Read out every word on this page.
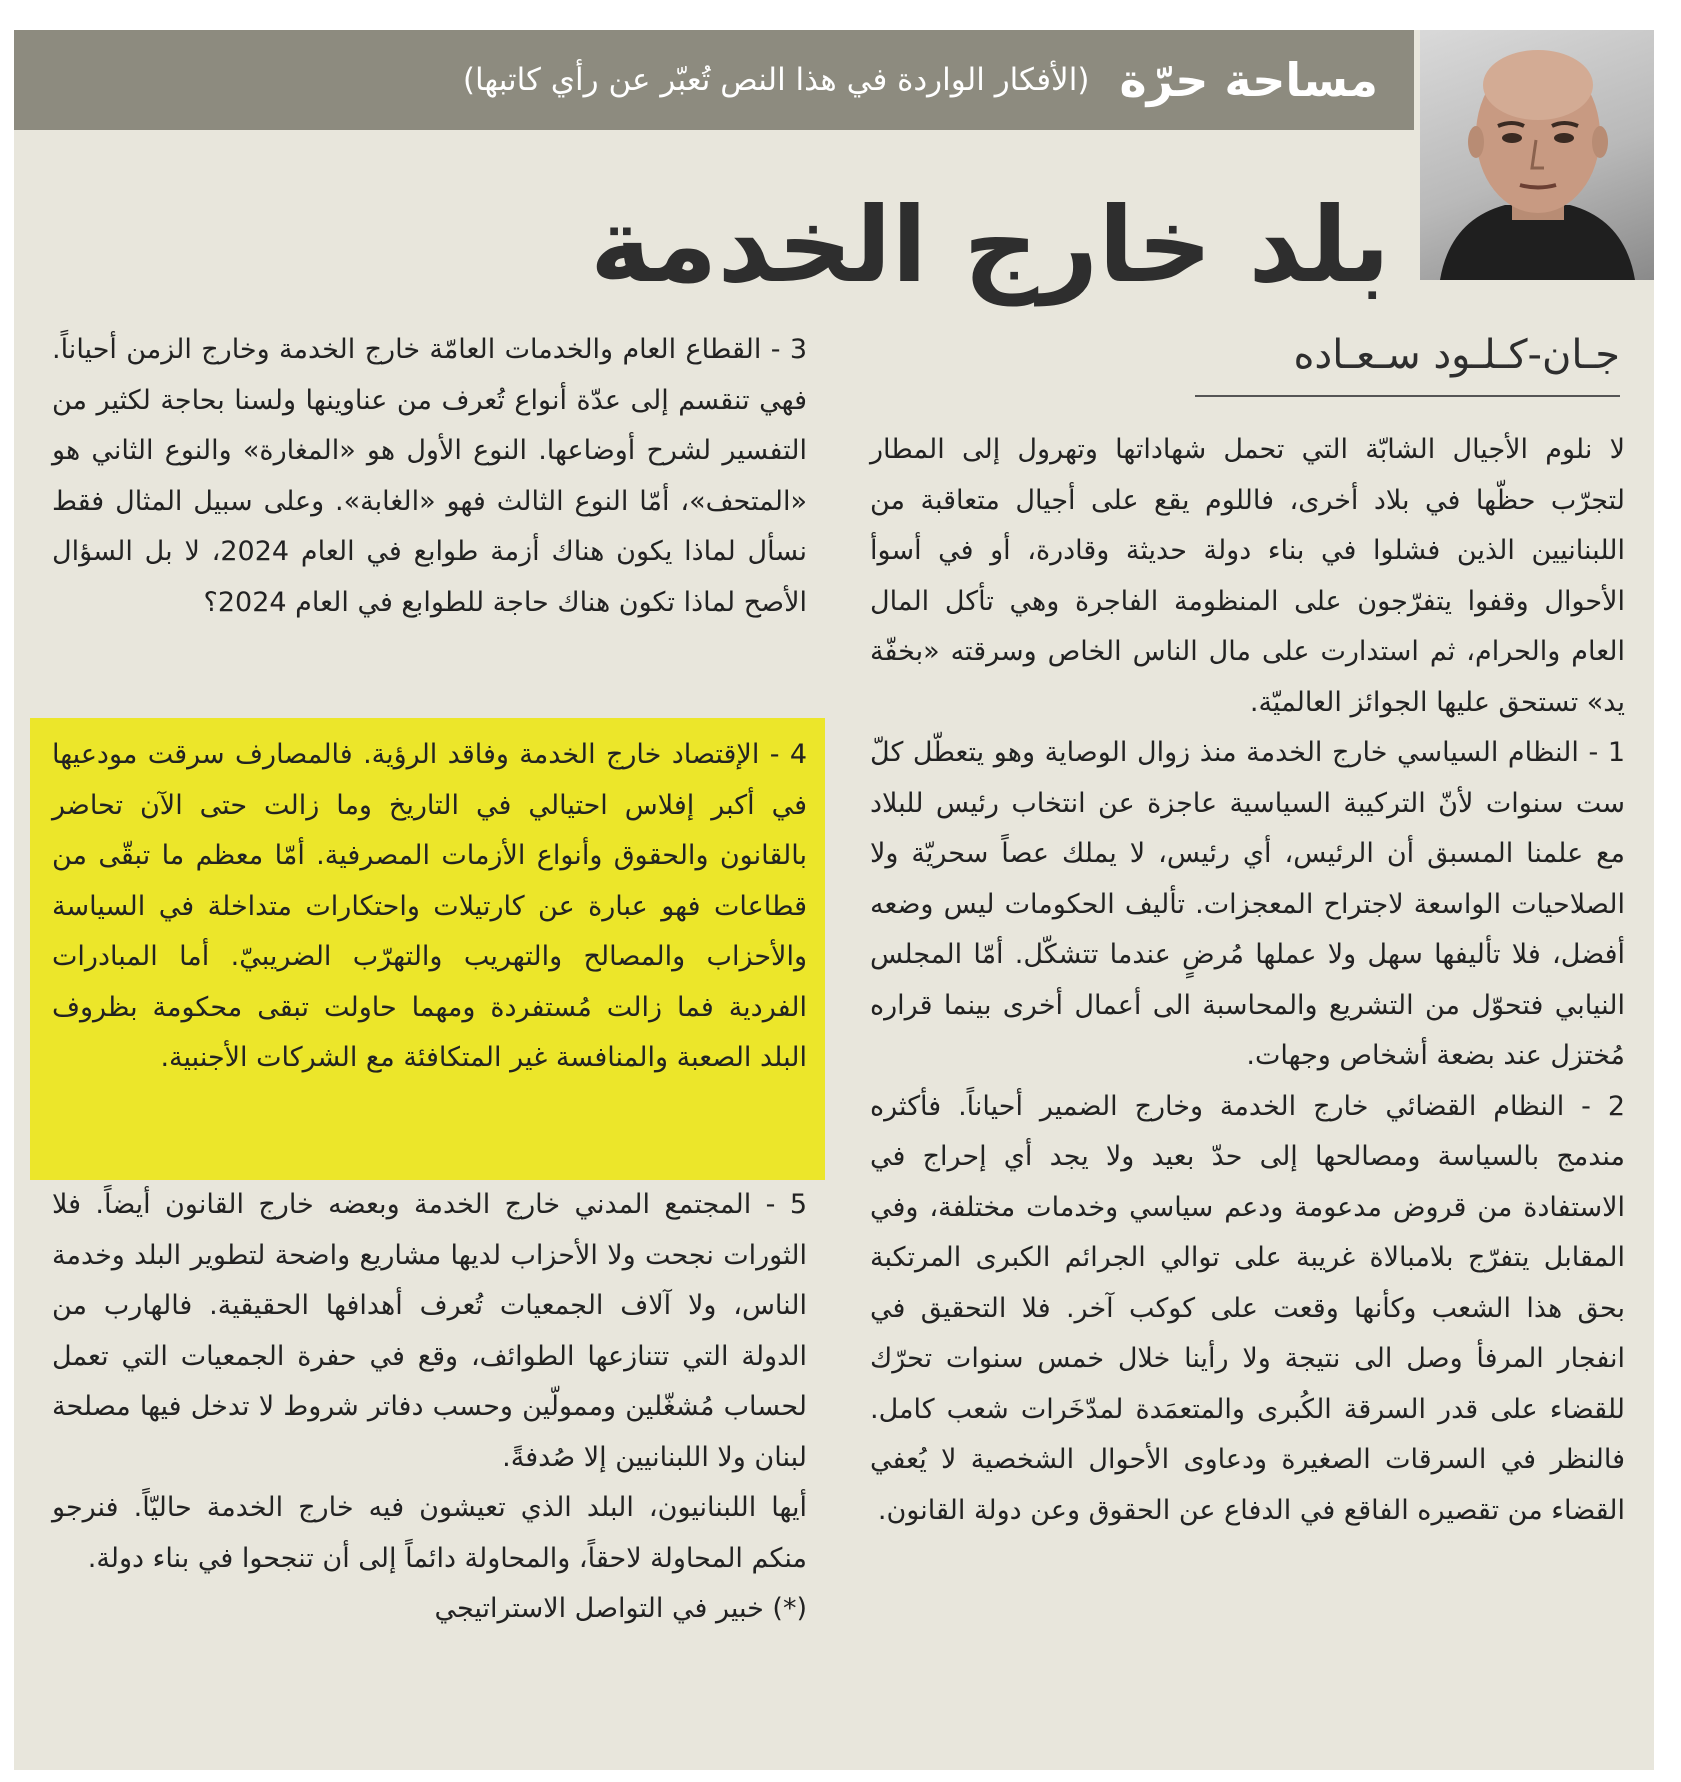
مساحة حرّة
(الأفكار الواردة في هذا النص تُعبّر عن رأي كاتبها)
بلد خارج الخدمة
جـان-كـلـود سـعـاده

لا نلوم الأجيال الشابّة التي تحمل شهاداتها وتهرول إلى المطار لتجرّب حظّها في بلاد أخرى، فاللوم يقع على أجيال متعاقبة من اللبنانيين الذين فشلوا في بناء دولة حديثة وقادرة، أو في أسوأ الأحوال وقفوا يتفرّجون على المنظومة الفاجرة وهي تأكل المال العام والحرام، ثم استدارت على مال الناس الخاص وسرقته «بخفّة يد» تستحق عليها الجوائز العالميّة.

1 - النظام السياسي خارج الخدمة منذ زوال الوصاية وهو يتعطّل كلّ ست سنوات لأنّ التركيبة السياسية عاجزة عن انتخاب رئيس للبلاد مع علمنا المسبق أن الرئيس، أي رئيس، لا يملك عصاً سحريّة ولا الصلاحيات الواسعة لاجتراح المعجزات. تأليف الحكومات ليس وضعه أفضل، فلا تأليفها سهل ولا عملها مُرضٍ عندما تتشكّل. أمّا المجلس النيابي فتحوّل من التشريع والمحاسبة الى أعمال أخرى بينما قراره مُختزل عند بضعة أشخاص وجهات.

2 - النظام القضائي خارج الخدمة وخارج الضمير أحياناً. فأكثره مندمج بالسياسة ومصالحها إلى حدّ بعيد ولا يجد أي إحراج في الاستفادة من قروض مدعومة ودعم سياسي وخدمات مختلفة، وفي المقابل يتفرّج بلامبالاة غريبة على توالي الجرائم الكبرى المرتكبة بحق هذا الشعب وكأنها وقعت على كوكب آخر. فلا التحقيق في انفجار المرفأ وصل الى نتيجة ولا رأينا خلال خمس سنوات تحرّك للقضاء على قدر السرقة الكُبرى والمتعمَدة لمدّخَرات شعب كامل. فالنظر في السرقات الصغيرة ودعاوى الأحوال الشخصية لا يُعفي القضاء من تقصيره الفاقع في الدفاع عن الحقوق وعن دولة القانون.

3 - القطاع العام والخدمات العامّة خارج الخدمة وخارج الزمن أحياناً. فهي تنقسم إلى عدّة أنواع تُعرف من عناوينها ولسنا بحاجة لكثير من التفسير لشرح أوضاعها. النوع الأول هو «المغارة» والنوع الثاني هو «المتحف»، أمّا النوع الثالث فهو «الغابة». وعلى سبيل المثال فقط نسأل لماذا يكون هناك أزمة طوابع في العام 2024، لا بل السؤال الأصح لماذا تكون هناك حاجة للطوابع في العام 2024؟

4 - الإقتصاد خارج الخدمة وفاقد الرؤية. فالمصارف سرقت مودعيها في أكبر إفلاس احتيالي في التاريخ وما زالت حتى الآن تحاضر بالقانون والحقوق وأنواع الأزمات المصرفية. أمّا معظم ما تبقّى من قطاعات فهو عبارة عن كارتيلات واحتكارات متداخلة في السياسة والأحزاب والمصالح والتهريب والتهرّب الضريبيّ. أما المبادرات الفردية فما زالت مُستفردة ومهما حاولت تبقى محكومة بظروف البلد الصعبة والمنافسة غير المتكافئة مع الشركات الأجنبية.

5 - المجتمع المدني خارج الخدمة وبعضه خارج القانون أيضاً. فلا الثورات نجحت ولا الأحزاب لديها مشاريع واضحة لتطوير البلد وخدمة الناس، ولا آلاف الجمعيات تُعرف أهدافها الحقيقية. فالهارب من الدولة التي تتنازعها الطوائف، وقع في حفرة الجمعيات التي تعمل لحساب مُشغّلين وممولّين وحسب دفاتر شروط لا تدخل فيها مصلحة لبنان ولا اللبنانيين إلا صُدفةً.

أيها اللبنانيون، البلد الذي تعيشون فيه خارج الخدمة حاليّاً. فنرجو منكم المحاولة لاحقاً، والمحاولة دائماً إلى أن تنجحوا في بناء دولة.

(*) خبير في التواصل الاستراتيجي
